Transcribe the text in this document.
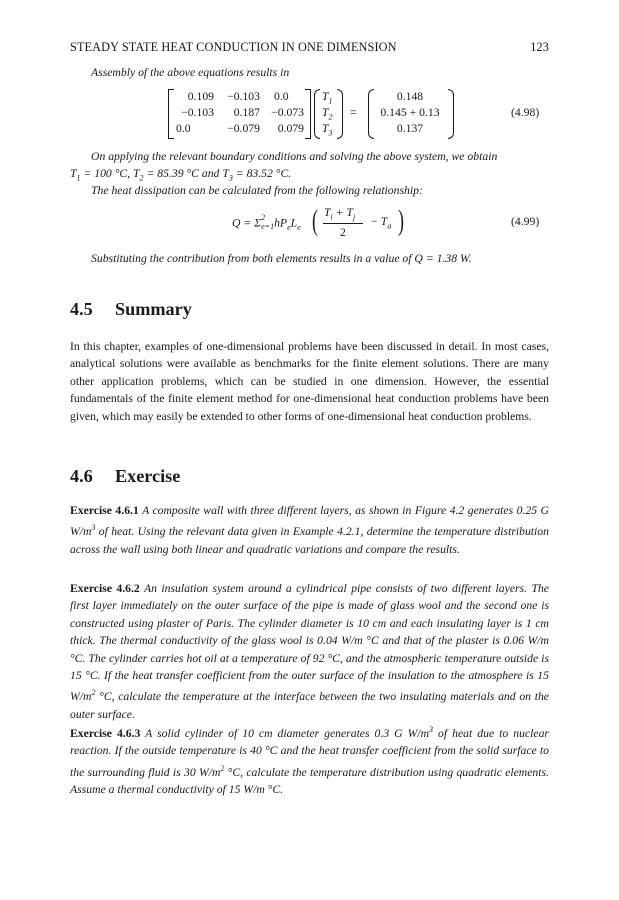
STEADY STATE HEAT CONDUCTION IN ONE DIMENSION	123
Assembly of the above equations results in
0.109	−0.103	0.0
−0.103	0.187 −0.073
0.0	−0.079	0.079
$T_1$
$T_2$
$T_3$
=
0.148
0.145 + 0.13
0.137
(4.98)
On applying the relevant boundary conditions and solving the above system, we obtain
$T_1 = 100$ °C, $T_2 = 85.39$ °C and $T_3 = 83.52$ °C.
The heat dissipation can be calculated from the following relationship:
Q = Σ 2
e=1 $hP_eL_e$ ( $T_i + T_j$
2
− $T_a$ )	(4.99)
Substituting the contribution from both elements results in a value of Q = 1.38 W.
4.5 Summary
In this chapter, examples of one-dimensional problems have been discussed in detail. In most cases, analytical solutions were available as benchmarks for the finite element solutions. There are many other application problems, which can be studied in one dimension. However, the essential fundamentals of the finite element method for one-dimensional heat conduction problems have been given, which may easily be extended to other forms of one-dimensional heat conduction problems.
4.6 Exercise
Exercise 4.6.1 A composite wall with three different layers, as shown in Figure 4.2 generates 0.25 G $W/m^3$ of heat. Using the relevant data given in Example 4.2.1, determine the temperature distribution across the wall using both linear and quadratic variations and compare the results.
Exercise 4.6.2 An insulation system around a cylindrical pipe consists of two different layers. The first layer immediately on the outer surface of the pipe is made of glass wool and the second one is constructed using plaster of Paris. The cylinder diameter is 10 cm and each insulating layer is 1 cm thick. The thermal conductivity of the glass wool is 0.04 W/m °C and that of the plaster is 0.06 W/m °C. The cylinder carries hot oil at a temperature of 92 °C, and the atmospheric temperature outside is 15 °C. If the heat transfer coefficient from the outer surface of the insulation to the atmosphere is 15 $W/m^2$ °C, calculate the temperature at the interface between the two insulating materials and on the outer surface.
Exercise 4.6.3 A solid cylinder of 10 cm diameter generates 0.3 G $W/m^3$ of heat due to nuclear reaction. If the outside temperature is 40 °C and the heat transfer coefficient from the solid surface to the surrounding fluid is 30 $W/m^2$ °C, calculate the temperature distribution using quadratic elements. Assume a thermal conductivity of 15 W/m °C.
